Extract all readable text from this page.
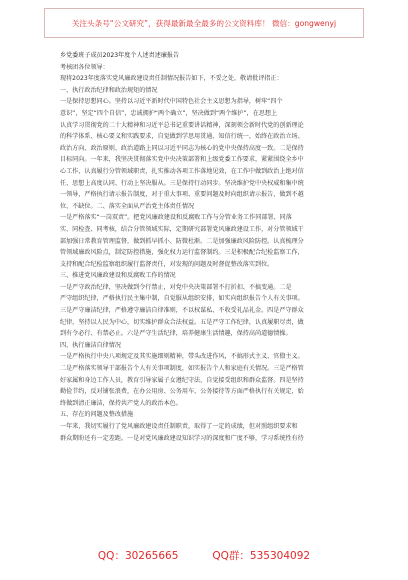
关注头条号“公文研究”，获得最新最全最多的公文资料库！ 微信：gongwenyj
乡党委班子成员2023年度个人述责述廉报告
考核团各位领导：
现将2023年度落实党风廉政建设责任制情况报告如下，不妥之处，敬请批评指正：
一、执行政治纪律和政治规矩的情况
一是保持思想同心。坚持以习近平新时代中国特色社会主义思想为指导，树牢“四个
意识”，坚定“四个自信”，忠诚拥护“两个确立”，坚决做到“两个维护”，在思想上
认真学习贯彻党的二十大精神和习近平总书记重要讲话精神，深刻领会新时代党的创新理论
的科学体系、核心要义和实践要求，自觉做到学思用贯通、知信行统一，始终在政治立场、
政治方向、政治原则、政治道路上同以习近平同志为核心的党中央保持高度一致。二是保持
目标同向。一年来，我坚决贯彻落实党中央决策部署和上级党委工作要求，紧紧围绕全乡中
心工作，认真履行分管领域职责，扎实推动各项工作落地见效，在工作中做到政治上绝对信
任、思想上高度认同、行动上坚决服从。三是保持行动同步。坚决维护党中央权威和集中统
一领导，严格执行请示报告制度，对于重大事项、重要问题及时向组织请示报告，做到不越
位、不缺位。二、落实全面从严治党主体责任情况
一是严格落实“一岗双责”。把党风廉政建设和反腐败工作与分管业务工作同部署、同落
实、同检查、同考核，结合分管领域实际，定期研究部署党风廉政建设工作，对分管领域干
部加强日常教育管理监督，做到抓早抓小、防微杜渐。二是加强廉政风险防控。认真梳理分
管领域廉政风险点，制定防控措施，强化权力运行监督制约。三是积极配合纪检监察工作，
支持和配合纪检监察组织履行监督责任，对发现的问题及时督促整改落实到位。
三、推进党风廉政建设和反腐败工作的情况
一是严守政治纪律，坚决做到令行禁止，对党中央决策部署不打折扣、不搞变通。二是
严守组织纪律，严格执行民主集中制，自觉服从组织安排，如实向组织报告个人有关事项。
三是严守廉洁纪律，严格遵守廉洁自律准则，不以权谋私、不收受礼品礼金。四是严守群众
纪律，坚持以人民为中心，切实维护群众合法权益。五是严守工作纪律，认真履职尽责，做
到有令必行、有禁必止。六是严守生活纪律，培养健康生活情趣，保持高尚道德情操。
四、执行廉洁自律情况
一是严格执行中央八项规定及其实施细则精神，带头改进作风，不搞形式主义、官僚主义。
二是严格落实领导干部报告个人有关事项制度，如实报告个人和家庭有关情况。三是严格管
好家属和身边工作人员，教育引导家属子女遵纪守法，自觉接受组织和群众监督。四是坚持
勤俭节约，反对铺张浪费，在办公用房、公务用车、公务接待等方面严格执行有关规定，始
终做到清正廉洁，保持共产党人的政治本色。
五、存在的问题及整改措施
一年来，我切实履行了党风廉政建设责任制职责，取得了一定的成绩，但对照组织要求和
群众期盼还有一定差距。一是对党风廉政建设知识学习的深度和广度不够，学习系统性有待
QQ：30265665	QQ群：535304092
